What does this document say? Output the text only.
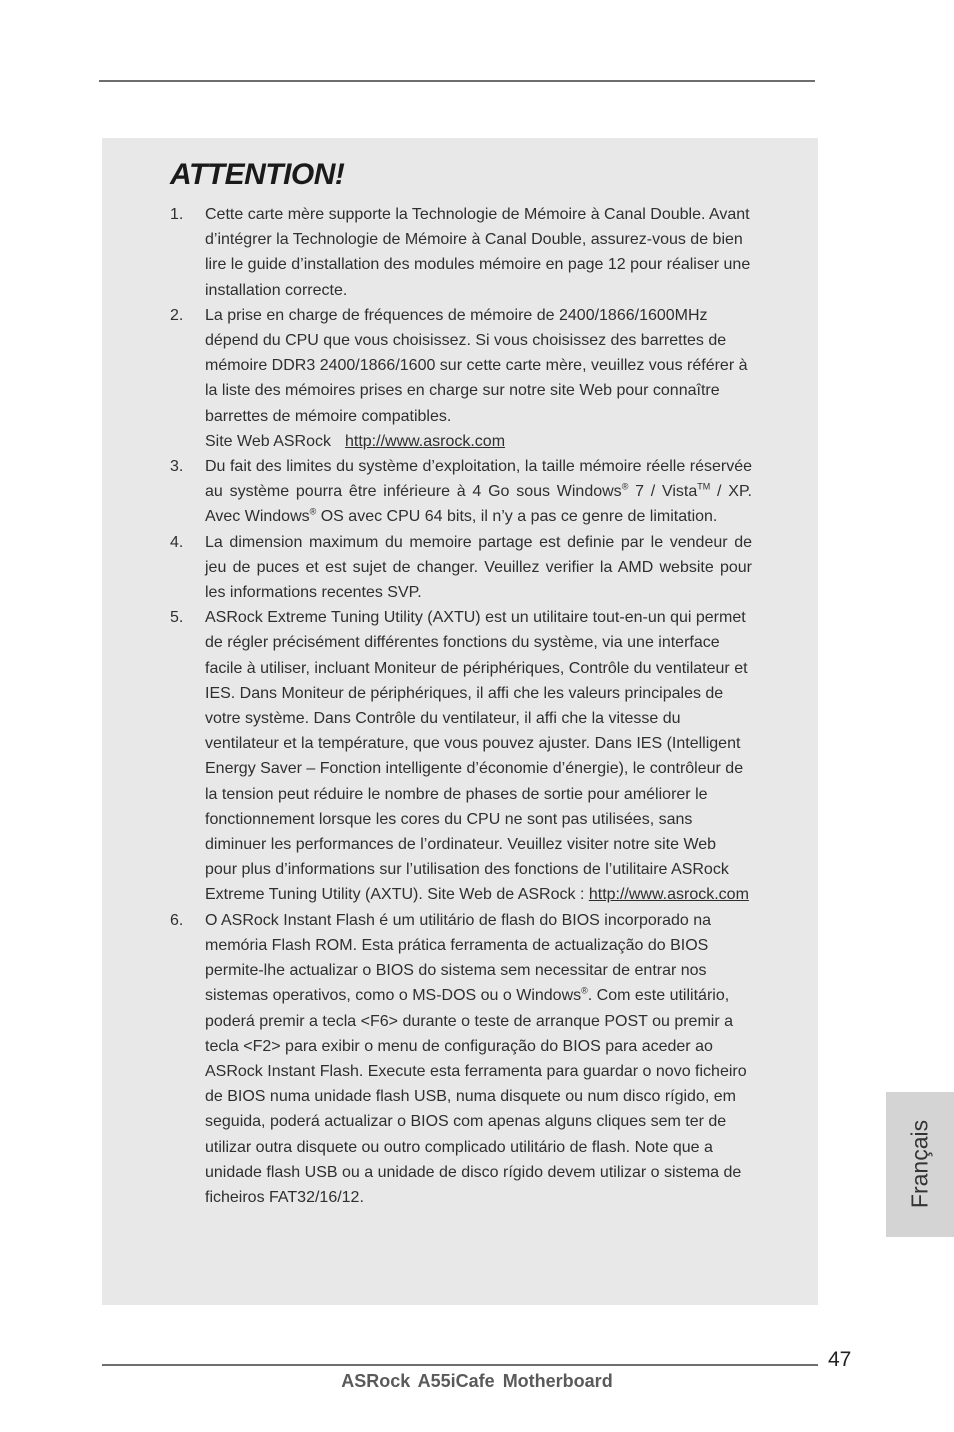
ATTENTION!
1.	Cette carte mère supporte la Technologie de Mémoire à Canal Double. Avant d’intégrer la Technologie de Mémoire à Canal Double, assurez-vous de bien lire le guide d’installation des modules mémoire en page 12 pour réaliser une installation correcte.
2.	La prise en charge de fréquences de mémoire de 2400/1866/1600MHz dépend du CPU que vous choisissez. Si vous choisissez des barrettes de mémoire DDR3 2400/1866/1600 sur cette carte mère, veuillez vous référer à la liste des mémoires prises en charge sur notre site Web pour connaître barrettes de mémoire compatibles.
Site Web ASRock http://www.asrock.com
3.	Du fait des limites du système d’exploitation, la taille mémoire réelle réservée au système pourra être inférieure à 4 Go sous Windows® 7 / Vista™ / XP. Avec Windows® OS avec CPU 64 bits, il n’y a pas ce genre de limitation.
4.	La dimension maximum du memoire partage est definie par le vendeur de jeu de puces et est sujet de changer. Veuillez verifier la AMD website pour les informations recentes SVP.
5.	ASRock Extreme Tuning Utility (AXTU) est un utilitaire tout-en-un qui permet de régler précisément différentes fonctions du système, via une interface facile à utiliser, incluant Moniteur de périphériques, Contrôle du ventilateur et IES. Dans Moniteur de périphériques, il affi che les valeurs principales de votre système. Dans Contrôle du ventilateur, il affi che la vitesse du ventilateur et la température, que vous pouvez ajuster. Dans IES (Intelligent Energy Saver – Fonction intelligente d’économie d’énergie), le contrôleur de la tension peut réduire le nombre de phases de sortie pour améliorer le fonctionnement lorsque les cores du CPU ne sont pas utilisées, sans diminuer les performances de l’ordinateur. Veuillez visiter notre site Web pour plus d’informations sur l’utilisation des fonctions de l’utilitaire ASRock Extreme Tuning Utility (AXTU). Site Web de ASRock : http://www.asrock.com
6.	O ASRock Instant Flash é um utilitário de flash do BIOS incorporado na memória Flash ROM. Esta prática ferramenta de actualização do BIOS permite-lhe actualizar o BIOS do sistema sem necessitar de entrar nos sistemas operativos, como o MS-DOS ou o Windows®. Com este utilitário, poderá premir a tecla <F6> durante o teste de arranque POST ou premir a tecla <F2> para exibir o menu de configuração do BIOS para aceder ao ASRock Instant Flash. Execute esta ferramenta para guardar o novo ficheiro de BIOS numa unidade flash USB, numa disquete ou num disco rígido, em seguida, poderá actualizar o BIOS com apenas alguns cliques sem ter de utilizar outra disquete ou outro complicado utilitário de flash. Note que a unidade flash USB ou a unidade de disco rígido devem utilizar o sistema de ficheiros FAT32/16/12.	Français
47
ASRock A55iCafe Motherboard
